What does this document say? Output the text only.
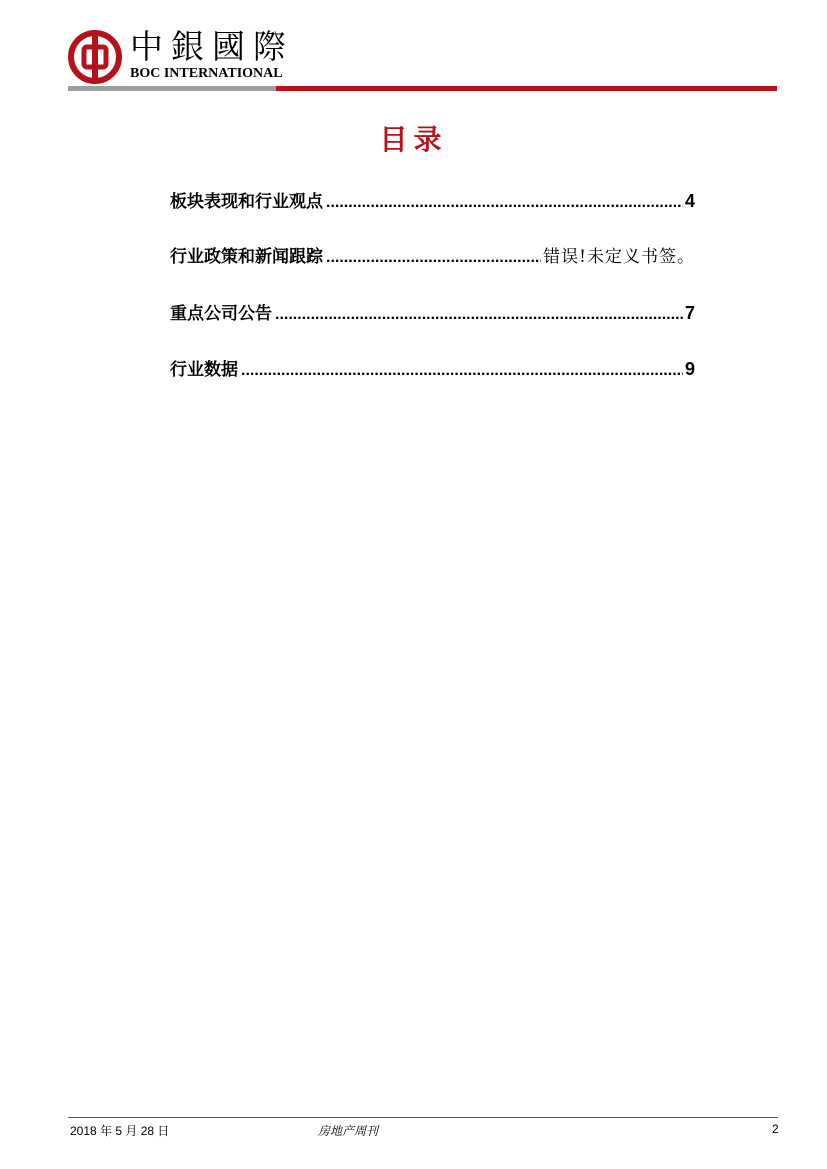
中銀國際
BOC INTERNATIONAL
目录
板块表现和行业观点 .....	4
行业政策和新闻跟踪 .....	错误!未定义书签。
重点公司公告 .....	7
行业数据 .....	9
2018 年 5 月 28 日	房地产周刊	2
